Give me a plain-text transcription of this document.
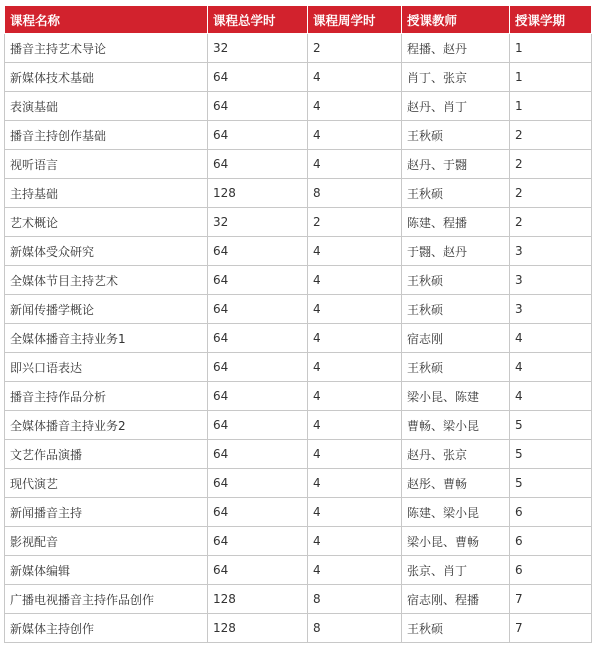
课程名称	课程总学时	课程周学时	授课教师	授课学期
播音主持艺术导论	32	2	程播、赵丹	1
新媒体技术基础	64	4	肖丁、张京	1
表演基础	64	4	赵丹、肖丁	1
播音主持创作基础	64	4	王秋硕	2
视听语言	64	4	赵丹、于翾	2
主持基础	128	8	王秋硕	2
艺术概论	32	2	陈建、程播	2
新媒体受众研究	64	4	于翾、赵丹	3
全媒体节目主持艺术	64	4	王秋硕	3
新闻传播学概论	64	4	王秋硕	3
全媒体播音主持业务1	64	4	宿志刚	4
即兴口语表达	64	4	王秋硕	4
播音主持作品分析	64	4	梁小昆、陈建	4
全媒体播音主持业务2	64	4	曹畅、梁小昆	5
文艺作品演播	64	4	赵丹、张京	5
现代演艺	64	4	赵彤、曹畅	5
新闻播音主持	64	4	陈建、梁小昆	6
影视配音	64	4	梁小昆、曹畅	6
新媒体编辑	64	4	张京、肖丁	6
广播电视播音主持作品创作	128	8	宿志刚、程播	7
新媒体主持创作	128	8	王秋硕	7
